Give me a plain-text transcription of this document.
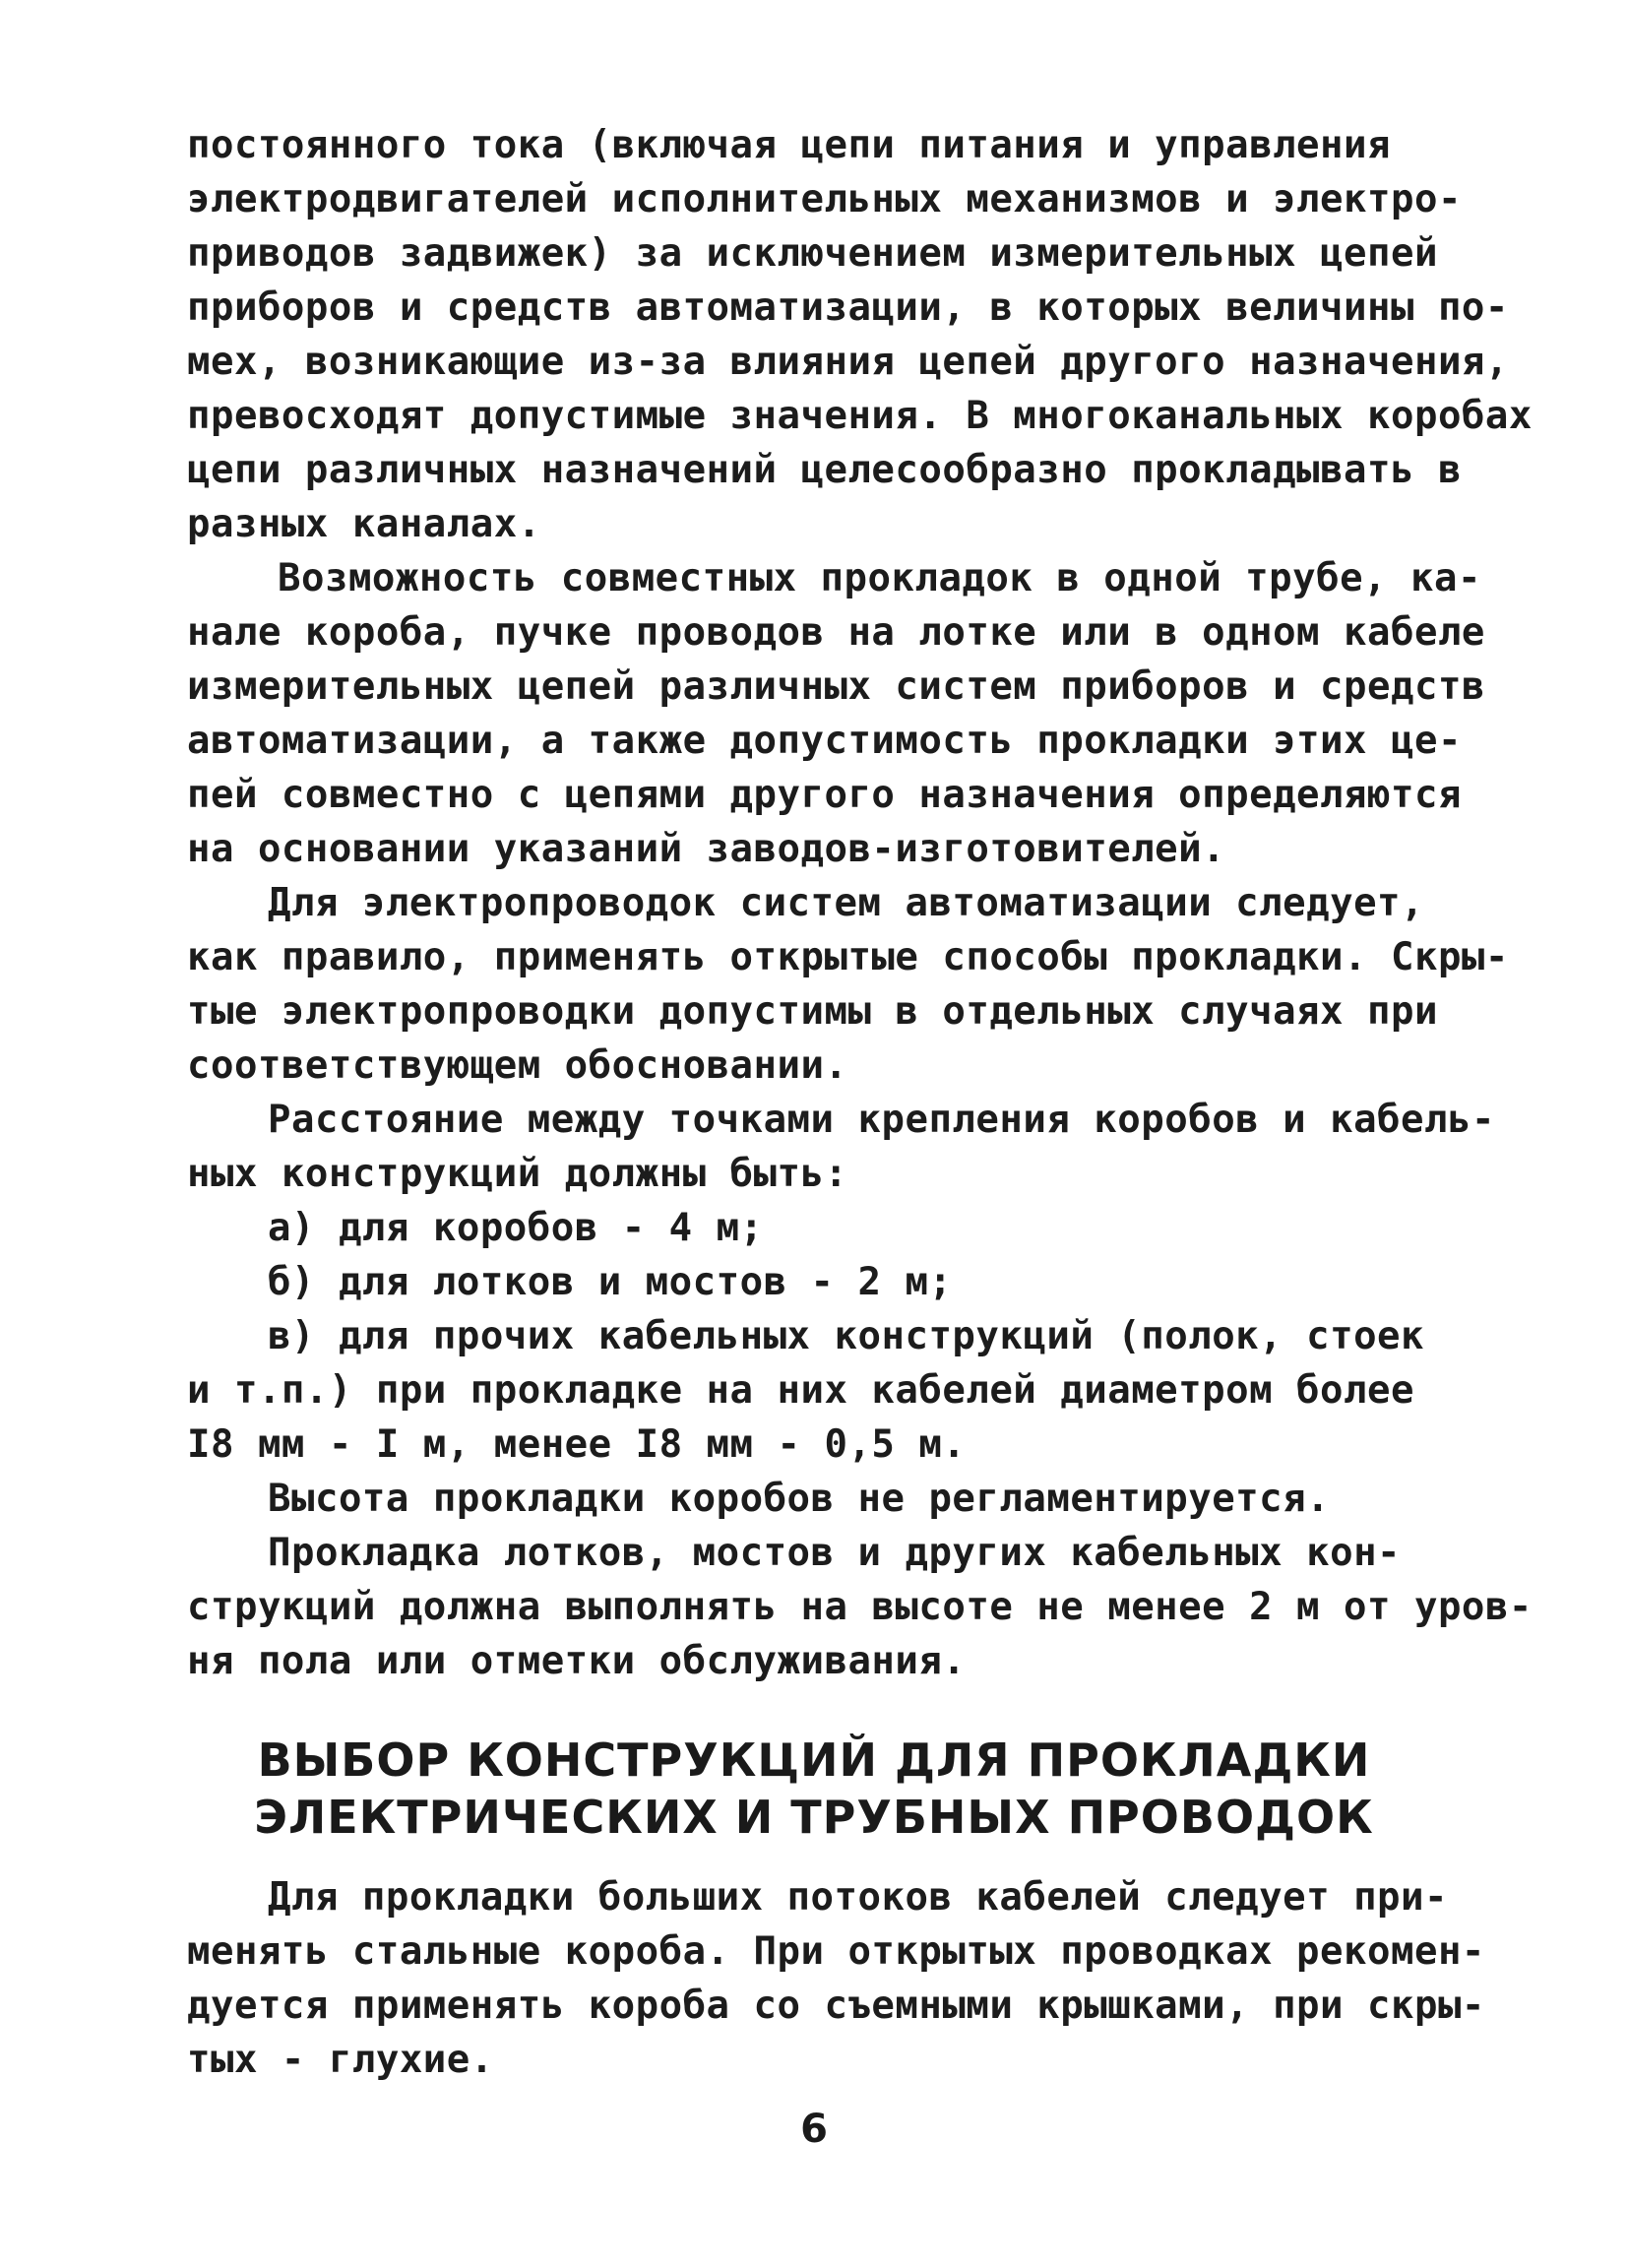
постоянного тока (включая цепи питания и управления
электродвигателей исполнительных механизмов и электро-
приводов задвижек) за исключением измерительных цепей
приборов и средств автоматизации, в которых величины по-
мех, возникающие из-за влияния цепей другого назначения,
превосходят допустимые значения. В многоканальных коробах
цепи различных назначений целесообразно прокладывать в
разных каналах.
Возможность совместных прокладок в одной трубе, ка-
нале короба, пучке проводов на лотке или в одном кабеле
измерительных цепей различных систем приборов и средств
автоматизации, а также допустимость прокладки этих це-
пей совместно с цепями другого назначения определяются
на основании указаний заводов-изготовителей.
Для электропроводок систем автоматизации следует,
как правило, применять открытые способы прокладки. Скры-
тые электропроводки допустимы в отдельных случаях при
соответствующем обосновании.
Расстояние между точками крепления коробов и кабель-
ных конструкций должны быть:
а) для коробов - 4 м;
б) для лотков и мостов - 2 м;
в) для прочих кабельных конструкций (полок, стоек
и т.п.) при прокладке на них кабелей диаметром более
I8 мм - I м, менее I8 мм - 0,5 м.
Высота прокладки коробов не регламентируется.
Прокладка лотков, мостов и других кабельных кон-
струкций должна выполнять на высоте не менее 2 м от уров-
ня пола или отметки обслуживания.
ВЫБОР КОНСТРУКЦИЙ ДЛЯ ПРОКЛАДКИ
ЭЛЕКТРИЧЕСКИХ И ТРУБНЫХ ПРОВОДОК
Для прокладки больших потоков кабелей следует при-
менять стальные короба. При открытых проводках рекомен-
дуется применять короба со съемными крышками, при скры-
тых - глухие.
6
